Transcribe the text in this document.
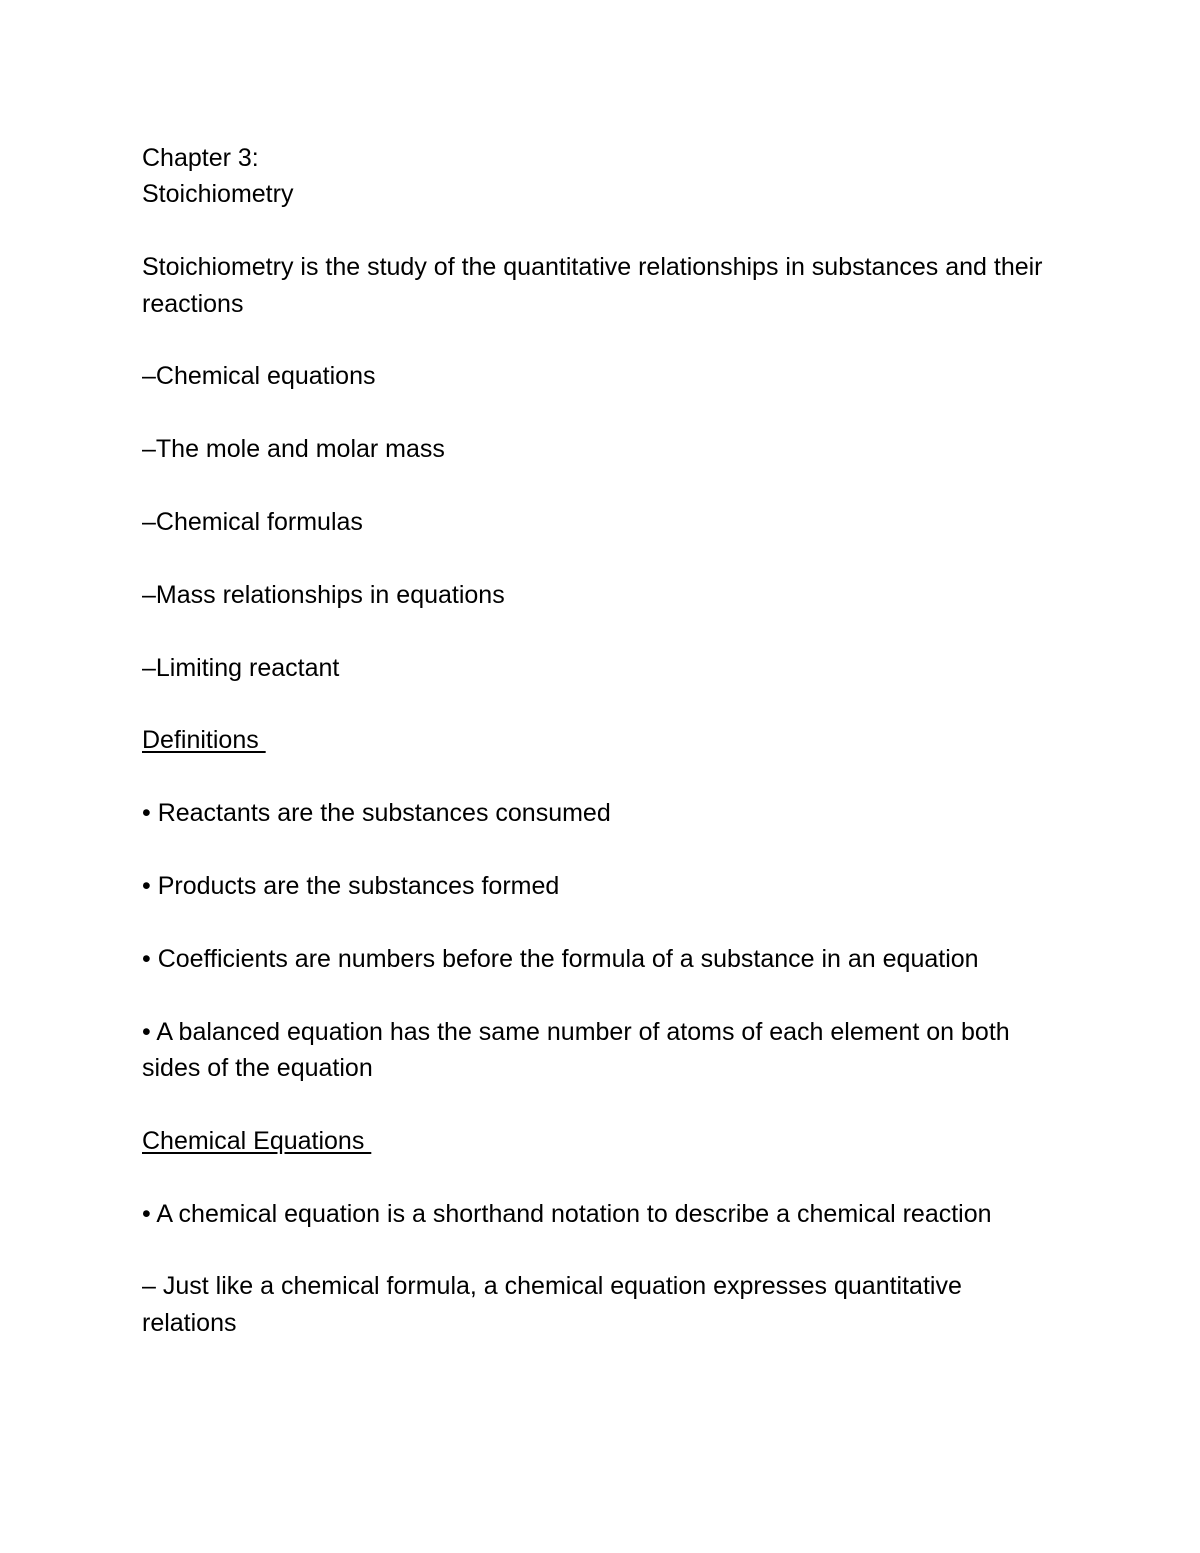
Chapter 3:

Stoichiometry

Stoichiometry is the study of the quantitative relationships in substances and their reactions

–Chemical equations

–The mole and molar mass

–Chemical formulas

–Mass relationships in equations

–Limiting reactant

Definitions

• Reactants are the substances consumed

• Products are the substances formed

• Coefficients are numbers before the formula of a substance in an equation

• A balanced equation has the same number of atoms of each element on both sides of the equation

Chemical Equations

• A chemical equation is a shorthand notation to describe a chemical reaction

– Just like a chemical formula, a chemical equation expresses quantitative relations
